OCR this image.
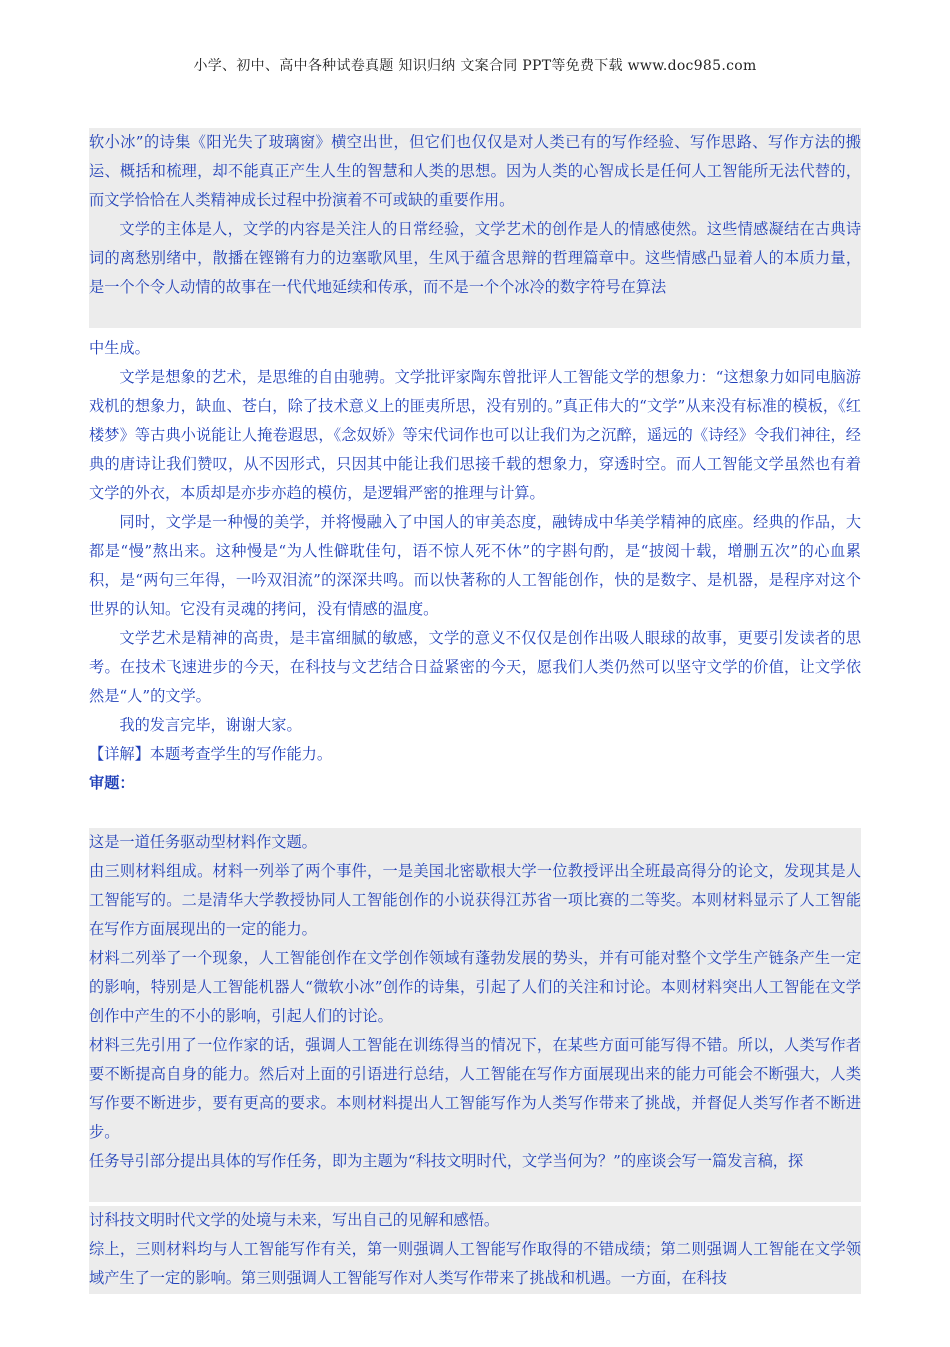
小学、初中、高中各种试卷真题 知识归纳 文案合同 PPT等免费下载 www.doc985.com

软小冰”的诗集《阳光失了玻璃窗》横空出世，但它们也仅仅是对人类已有的写作经验、写作思路、写作方法的搬运、概括和梳理，却不能真正产生人生的智慧和人类的思想。因为人类的心智成长是任何人工智能所无法代替的，而文学恰恰在人类精神成长过程中扮演着不可或缺的重要作用。

文学的主体是人，文学的内容是关注人的日常经验，文学艺术的创作是人的情感使然。这些情感凝结在古典诗词的离愁别绪中，散播在铿锵有力的边塞歌风里，生风于蕴含思辩的哲理篇章中。这些情感凸显着人的本质力量，是一个个令人动情的故事在一代代地延续和传承，而不是一个个冰冷的数字符号在算法

中生成。

文学是想象的艺术，是思维的自由驰骋。文学批评家陶东曾批评人工智能文学的想象力：“这想象力如同电脑游戏机的想象力，缺血、苍白，除了技术意义上的匪夷所思，没有别的。”真正伟大的“文学”从来没有标准的模板，《红楼梦》等古典小说能让人掩卷遐思，《念奴娇》等宋代词作也可以让我们为之沉醉，遥远的《诗经》令我们神往，经典的唐诗让我们赞叹，从不因形式，只因其中能让我们思接千载的想象力，穿透时空。而人工智能文学虽然也有着文学的外衣，本质却是亦步亦趋的模仿，是逻辑严密的推理与计算。

同时，文学是一种慢的美学，并将慢融入了中国人的审美态度，融铸成中华美学精神的底座。经典的作品，大都是“慢”熬出来。这种慢是“为人性僻耽佳句，语不惊人死不休”的字斟句酌，是“披阅十载，增删五次”的心血累积，是“两句三年得，一吟双泪流”的深深共鸣。而以快著称的人工智能创作，快的是数字、是机器，是程序对这个世界的认知。它没有灵魂的拷问，没有情感的温度。

文学艺术是精神的高贵，是丰富细腻的敏感，文学的意义不仅仅是创作出吸人眼球的故事，更要引发读者的思考。在技术飞速进步的今天，在科技与文艺结合日益紧密的今天，愿我们人类仍然可以坚守文学的价值，让文学依然是“人”的文学。

我的发言完毕，谢谢大家。

【详解】本题考查学生的写作能力。

审题：

这是一道任务驱动型材料作文题。

由三则材料组成。材料一列举了两个事件，一是美国北密歇根大学一位教授评出全班最高得分的论文，发现其是人工智能写的。二是清华大学教授协同人工智能创作的小说获得江苏省一项比赛的二等奖。本则材料显示了人工智能在写作方面展现出的一定的能力。

材料二列举了一个现象，人工智能创作在文学创作领域有蓬勃发展的势头，并有可能对整个文学生产链条产生一定的影响，特别是人工智能机器人“微软小冰”创作的诗集，引起了人们的关注和讨论。本则材料突出人工智能在文学创作中产生的不小的影响，引起人们的讨论。

材料三先引用了一位作家的话，强调人工智能在训练得当的情况下，在某些方面可能写得不错。所以，人类写作者要不断提高自身的能力。然后对上面的引语进行总结，人工智能在写作方面展现出来的能力可能会不断强大，人类写作要不断进步，要有更高的要求。本则材料提出人工智能写作为人类写作带来了挑战，并督促人类写作者不断进步。

任务导引部分提出具体的写作任务，即为主题为“科技文明时代，文学当何为？”的座谈会写一篇发言稿，探

讨科技文明时代文学的处境与未来，写出自己的见解和感悟。

综上，三则材料均与人工智能写作有关，第一则强调人工智能写作取得的不错成绩；第二则强调人工智能在文学领域产生了一定的影响。第三则强调人工智能写作对人类写作带来了挑战和机遇。一方面，在科技
